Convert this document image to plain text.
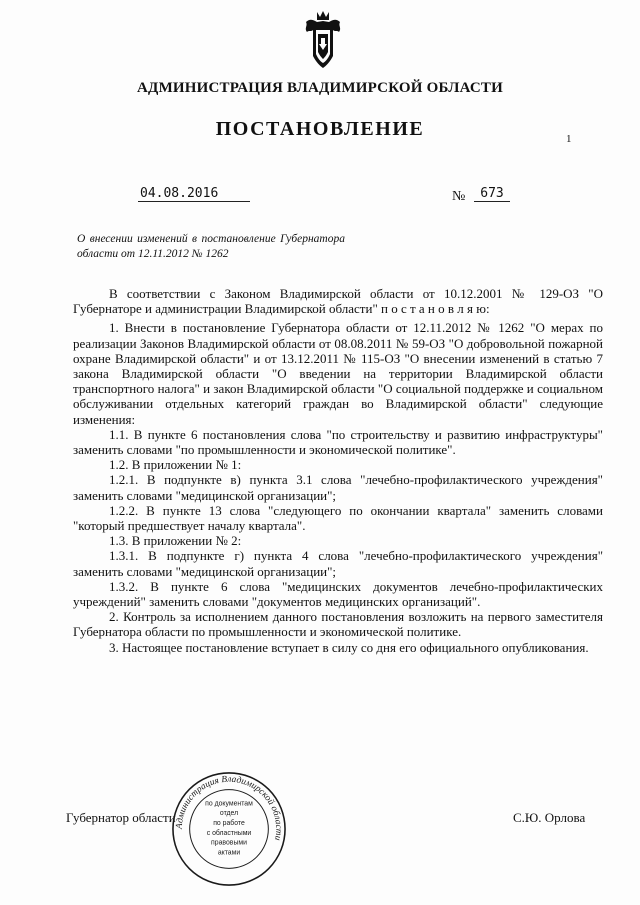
АДМИНИСТРАЦИЯ ВЛАДИМИРСКОЙ ОБЛАСТИ
ПОСТАНОВЛЕНИЕ	1
04.08.2016	№	673
О внесении изменений в постановление Губернатора области от 12.11.2012 № 1262

В соответствии с Законом Владимирской области от 10.12.2001 № 129-ОЗ "О Губернаторе и администрации Владимирской области" п о с т а н о в л я ю:

1. Внести в постановление Губернатора области от 12.11.2012 № 1262 "О мерах по реализации Законов Владимирской области от 08.08.2011 № 59-ОЗ "О добровольной пожарной охране Владимирской области" и от 13.12.2011 № 115-ОЗ "О внесении изменений в статью 7 закона Владимирской области "О введении на территории Владимирской области транспортного налога" и закон Владимирской области "О социальной поддержке и социальном обслуживании отдельных категорий граждан во Владимирской области" следующие изменения:

1.1. В пункте 6 постановления слова "по строительству и развитию инфраструктуры" заменить словами "по промышленности и экономической политике".

1.2. В приложении № 1:

1.2.1. В подпункте в) пункта 3.1 слова "лечебно-профилактического учреждения" заменить словами "медицинской организации";

1.2.2. В пункте 13 слова "следующего по окончании квартала" заменить словами "который предшествует началу квартала".

1.3. В приложении № 2:

1.3.1. В подпункте г) пункта 4 слова "лечебно-профилактического учреждения" заменить словами "медицинской организации";

1.3.2. В пункте 6 слова "медицинских документов лечебно-профилактических учреждений" заменить словами "документов медицинских организаций".

2. Контроль за исполнением данного постановления возложить на первого заместителя Губернатора области по промышленности и экономической политике.

3. Настоящее постановление вступает в силу со дня его официального опубликования.

Губернатор области	С.Ю. Орлова
Администрация Владимирской области
по документам
отдел
по работе
с областными
правовыми
актами
